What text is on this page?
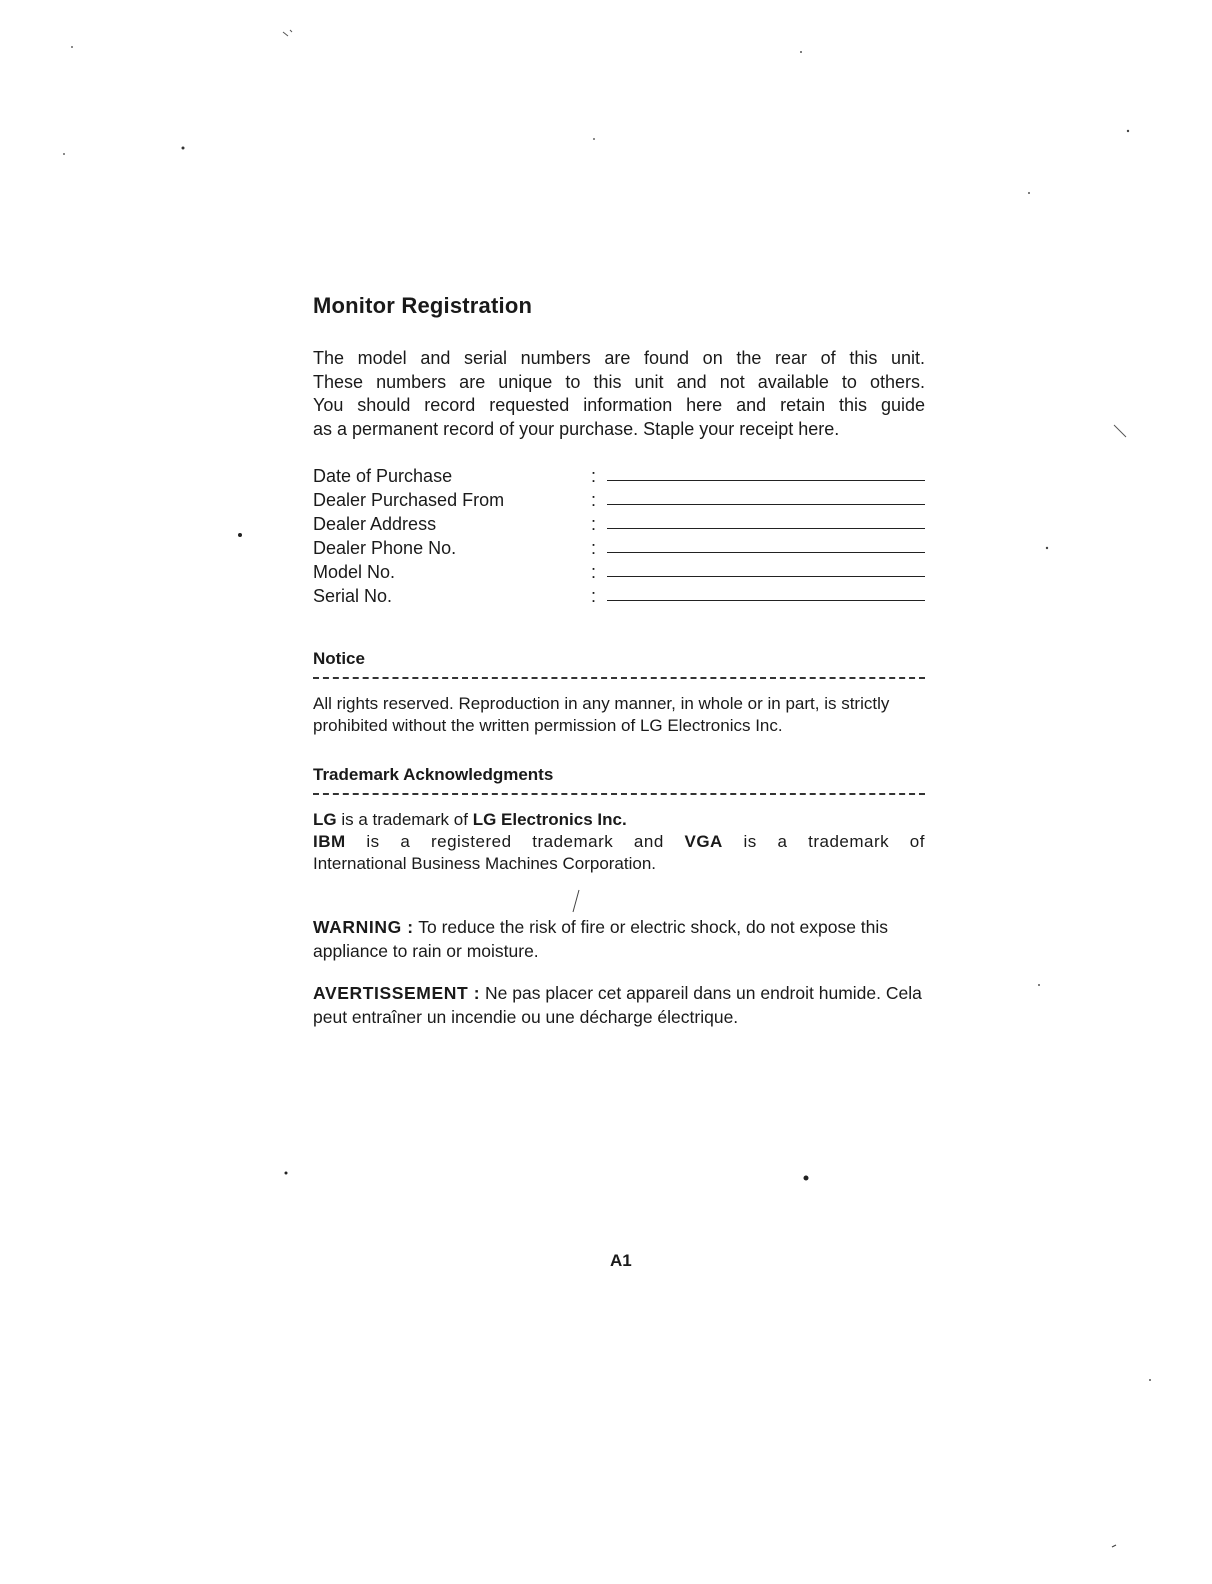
Monitor Registration
The model and serial numbers are found on the rear of this unit.
These numbers are unique to this unit and not available to others.
You should record requested information here and retain this guide
as a permanent record of your purchase. Staple your receipt here.
Date of Purchase	:
Dealer Purchased From	:
Dealer Address	:
Dealer Phone No.	:
Model No.	:
Serial No.	:
Notice

All rights reserved. Reproduction in any manner, in whole or in part, is strictly prohibited without the written permission of LG Electronics Inc.

Trademark Acknowledgments

LG is a trademark of LG Electronics Inc.
IBM is a registered trademark and VGA is a trademark of
International Business Machines Corporation.

WARNING : To reduce the risk of fire or electric shock, do not expose this appliance to rain or moisture.

AVERTISSEMENT : Ne pas placer cet appareil dans un endroit humide. Cela peut entraîner un incendie ou une décharge électrique.

A1
